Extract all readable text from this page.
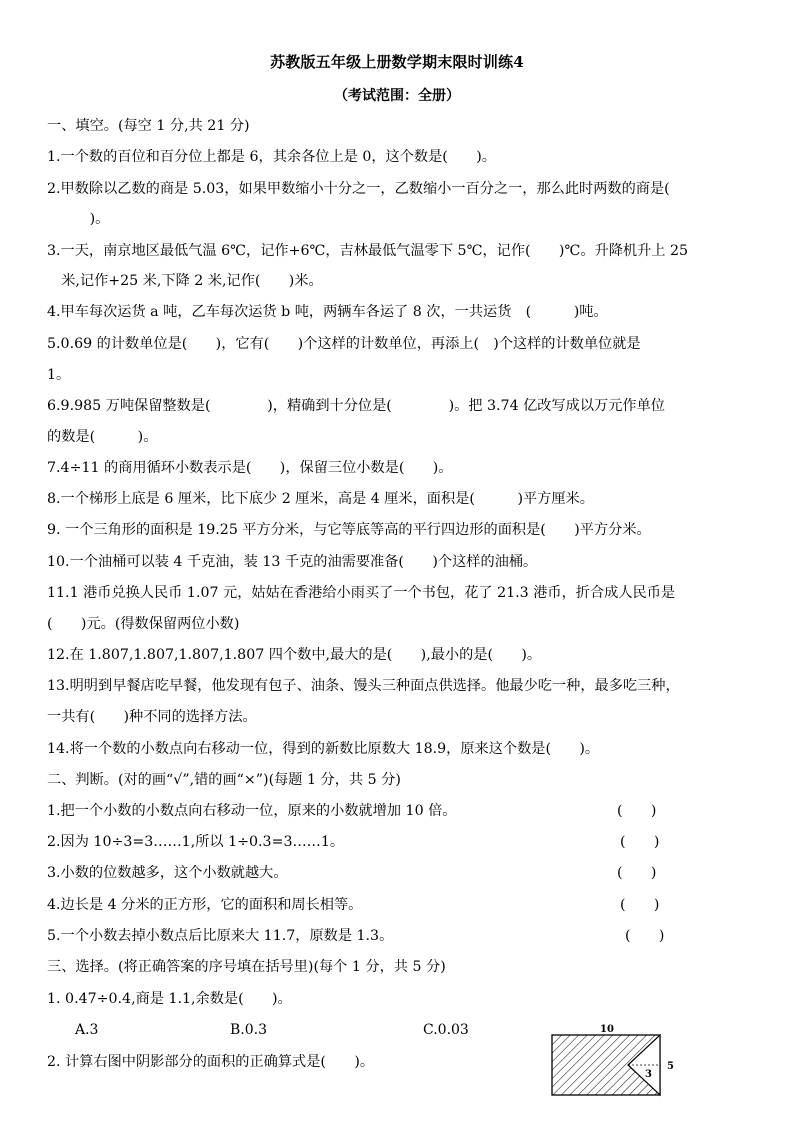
苏教版五年级上册数学期末限时训练4
（考试范围：全册）
一、填空。(每空 1 分,共 21 分)
1.一个数的百位和百分位上都是 6，其余各位上是 0，这个数是(　　)。
2.甲数除以乙数的商是 5.03，如果甲数缩小十分之一，乙数缩小一百分之一，那么此时两数的商是(
　　　)。
3.一天，南京地区最低气温 6℃，记作+6℃，吉林最低气温零下 5℃，记作(　　)℃。升降机升上 25
　米,记作+25 米,下降 2 米,记作(　　)米。
4.甲车每次运货 a 吨，乙车每次运货 b 吨，两辆车各运了 8 次，一共运货　(　　　)吨。
5.0.69 的计数单位是(　　)，它有(　　)个这样的计数单位，再添上(　)个这样的计数单位就是
1。
6.9.985 万吨保留整数是(　　　　)，精确到十分位是(　　　　)。把 3.74 亿改写成以万元作单位
的数是(　　　)。
7.4÷11 的商用循环小数表示是(　　)，保留三位小数是(　　)。
8.一个梯形上底是 6 厘米，比下底少 2 厘米，高是 4 厘米，面积是(　　　)平方厘米。
9. 一个三角形的面积是 19.25 平方分米，与它等底等高的平行四边形的面积是(　　)平方分米。
10.一个油桶可以装 4 千克油，装 13 千克的油需要准备(　　)个这样的油桶。
11.1 港币兑换人民币 1.07 元，姑姑在香港给小雨买了一个书包，花了 21.3 港币，折合成人民币是
(　　)元。(得数保留两位小数)
12.在 1.807,1.807,1.807,1.807 四个数中,最大的是(　　),最小的是(　　)。
13.明明到早餐店吃早餐，他发现有包子、油条、馒头三种面点供选择。他最少吃一种，最多吃三种，
一共有(　　)种不同的选择方法。
14.将一个数的小数点向右移动一位，得到的新数比原数大 18.9，原来这个数是(　　)。
二、判断。(对的画“√”,错的画“×”)(每题 1 分，共 5 分)
1.把一个小数的小数点向右移动一位，原来的小数就增加 10 倍。	(　　)
2.因为 10÷3=3……1,所以 1÷0.3=3……1。	(　　)
3.小数的位数越多，这个小数就越大。	(　　)
4.边长是 4 分米的正方形，它的面积和周长相等。	(　　)
5.一个小数去掉小数点后比原来大 11.7，原数是 1.3。	(　　)
三、选择。(将正确答案的序号填在括号里)(每个 1 分，共 5 分)
1. 0.47÷0.4,商是 1.1,余数是(　　)。
A.3	B.0.3	C.0.03
2. 计算右图中阴影部分的面积的正确算式是(　　)。
10
5
3
